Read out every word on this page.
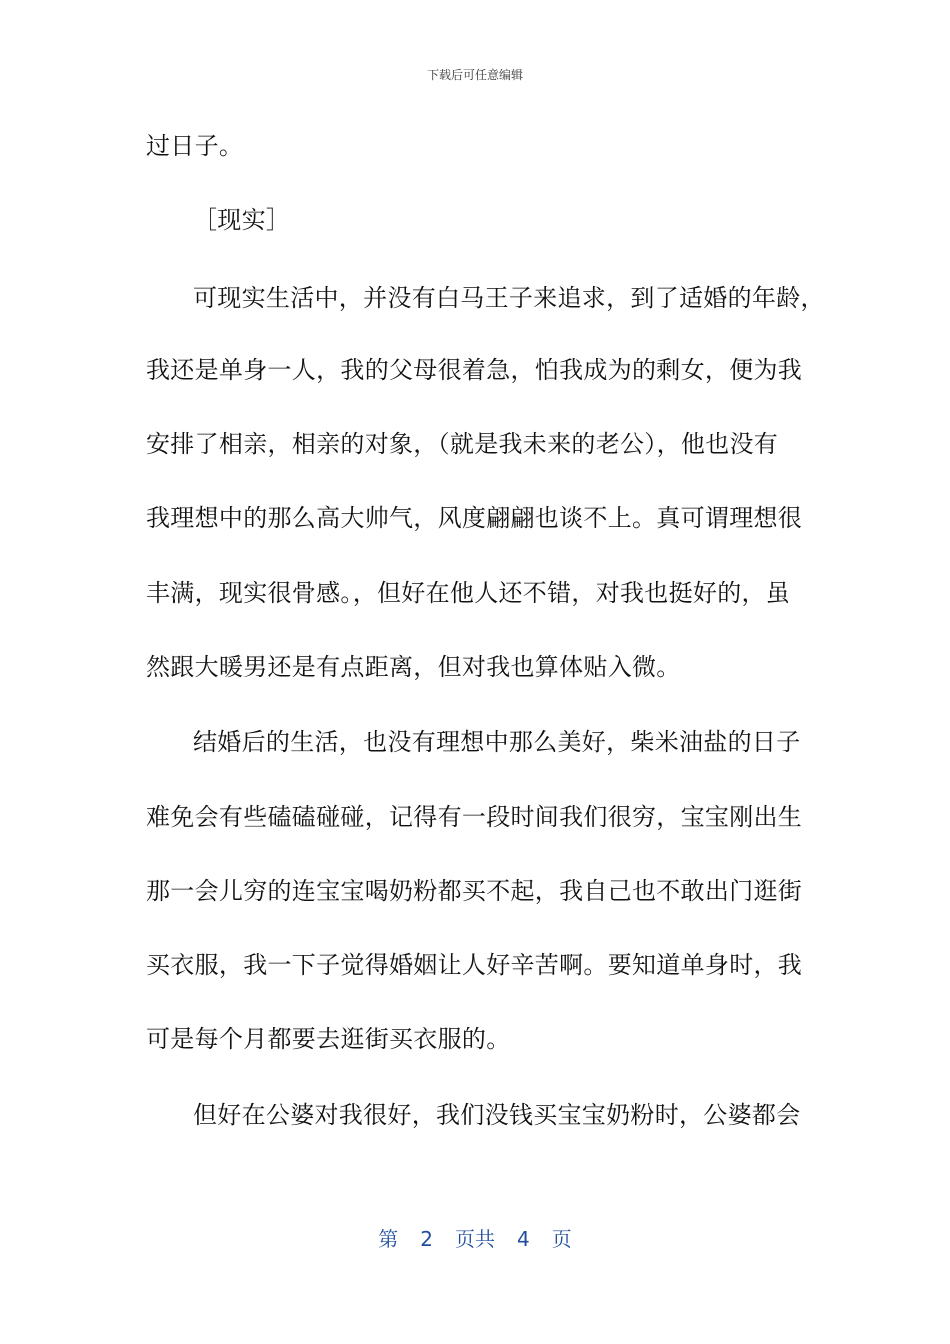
下载后可任意编辑
过日子。
［现实］
可现实生活中，并没有白马王子来追求，到了适婚的年龄，
我还是单身一人，我的父母很着急，怕我成为的剩女，便为我
安排了相亲，相亲的对象，（就是我未来的老公），他也没有
我理想中的那么高大帅气，风度翩翩也谈不上。真可谓理想很
丰满，现实很骨感。，但好在他人还不错，对我也挺好的，虽
然跟大暖男还是有点距离，但对我也算体贴入微。
结婚后的生活，也没有理想中那么美好，柴米油盐的日子
难免会有些磕磕碰碰，记得有一段时间我们很穷，宝宝刚出生
那一会儿穷的连宝宝喝奶粉都买不起，我自己也不敢出门逛街
买衣服，我一下子觉得婚姻让人好辛苦啊。要知道单身时，我
可是每个月都要去逛街买衣服的。
但好在公婆对我很好，我们没钱买宝宝奶粉时，公婆都会
第 2 页共 4 页
